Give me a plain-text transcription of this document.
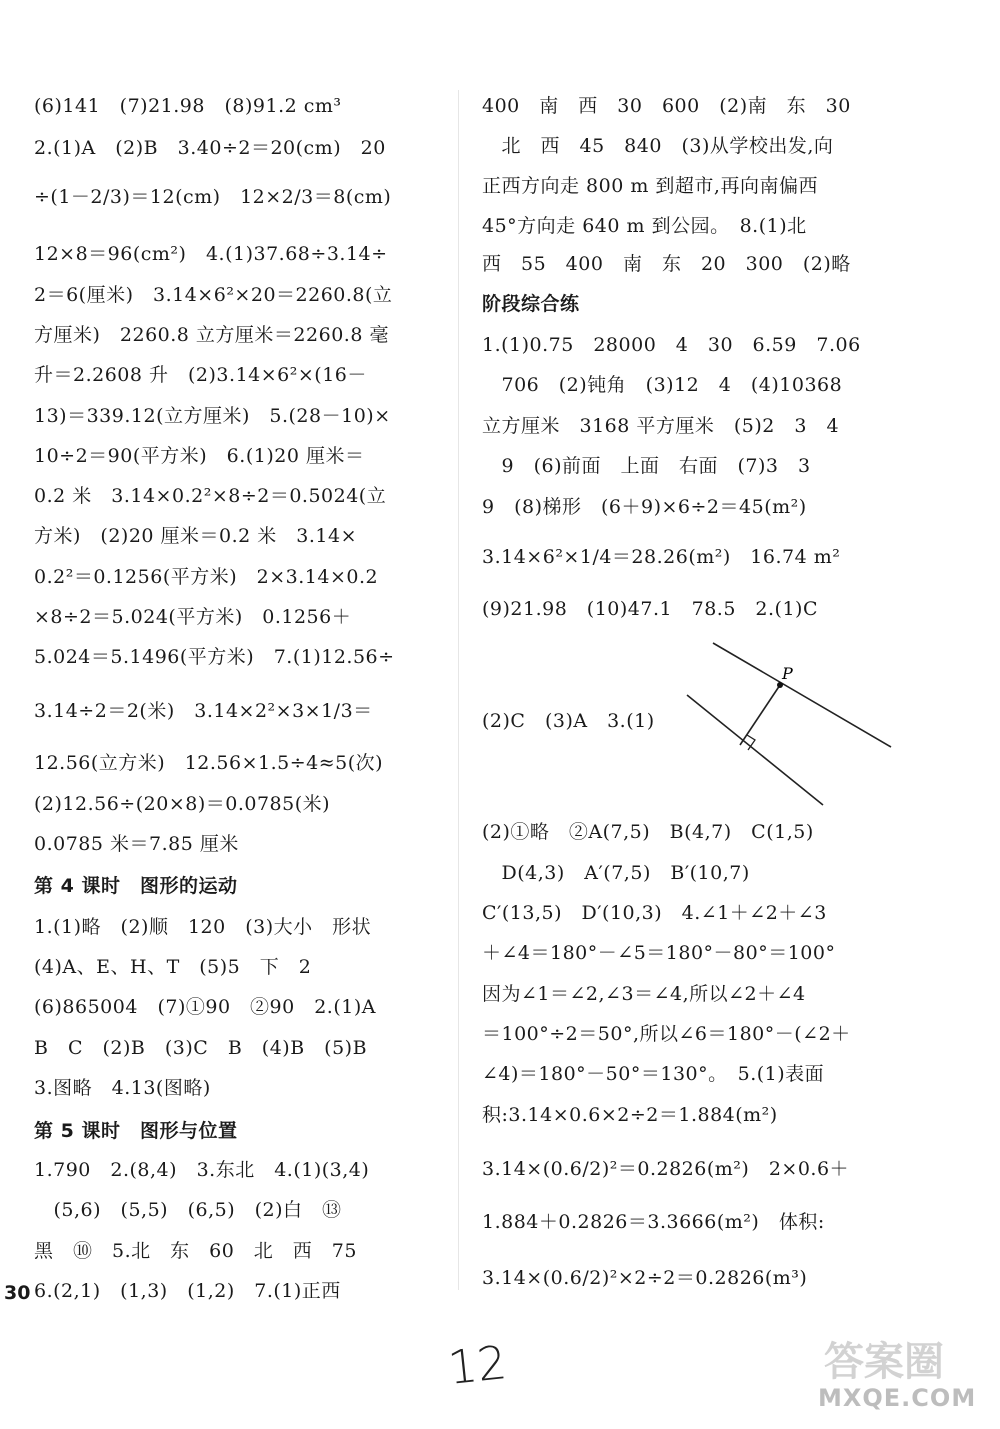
(6)141　(7)21.98　(8)91.2 cm³
2.(1)A　(2)B　3.40÷2＝20(cm)　20
÷(1－2/3)＝12(cm)　12×2/3＝8(cm)
12×8＝96(cm²)　4.(1)37.68÷3.14÷
2＝6(厘米)　3.14×6²×20＝2260.8(立
方厘米)　2260.8 立方厘米＝2260.8 毫
升＝2.2608 升　(2)3.14×6²×(16－
13)＝339.12(立方厘米)　5.(28－10)×
10÷2＝90(平方米)　6.(1)20 厘米＝
0.2 米　3.14×0.2²×8÷2＝0.5024(立
方米)　(2)20 厘米＝0.2 米　3.14×
0.2²＝0.1256(平方米)　2×3.14×0.2
×8÷2＝5.024(平方米)　0.1256＋
5.024＝5.1496(平方米)　7.(1)12.56÷
3.14÷2＝2(米)　3.14×2²×3×1/3＝
12.56(立方米)　12.56×1.5÷4≈5(次)
(2)12.56÷(20×8)＝0.0785(米)
0.0785 米＝7.85 厘米
第 4 课时　图形的运动
1.(1)略　(2)顺　120　(3)大小　形状
(4)A、E、H、T　(5)5　下　2
(6)865004　(7)①90　②90　2.(1)A
B　C　(2)B　(3)C　B　(4)B　(5)B
3.图略　4.13(图略)
第 5 课时　图形与位置
1.790　2.(8,4)　3.东北　4.(1)(3,4)
　(5,6)　(5,5)　(6,5)　(2)白　⑬
黑　⑩　5.北　东　60　北　西　75
6.(2,1)　(1,3)　(1,2)　7.(1)正西
400　南　西　30　600　(2)南　东　30
　北　西　45　840　(3)从学校出发,向
正西方向走 800 m 到超市,再向南偏西
45°方向走 640 m 到公园。　8.(1)北
西　55　400　南　东　20　300　(2)略
阶段综合练
1.(1)0.75　28000　4　30　6.59　7.06
　706　(2)钝角　(3)12　4　(4)10368
立方厘米　3168 平方厘米　(5)2　3　4
　9　(6)前面　上面　右面　(7)3　3
9　(8)梯形　(6＋9)×6÷2＝45(m²)
3.14×6²×1/4＝28.26(m²)　16.74 m²
(9)21.98　(10)47.1　78.5　2.(1)C
(2)C　(3)A　3.(1)
(2)①略　②A(7,5)　B(4,7)　C(1,5)
　D(4,3)　A′(7,5)　B′(10,7)
C′(13,5)　D′(10,3)　4.∠1＋∠2＋∠3
＋∠4＝180°－∠5＝180°－80°＝100°
因为∠1＝∠2,∠3＝∠4,所以∠2＋∠4
＝100°÷2＝50°,所以∠6＝180°－(∠2＋
∠4)＝180°－50°＝130°。　5.(1)表面
积:3.14×0.6×2÷2＝1.884(m²)
3.14×(0.6/2)²＝0.2826(m²)　2×0.6＋
1.884＋0.2826＝3.3666(m²)　体积:
3.14×(0.6/2)²×2÷2＝0.2826(m³)
P
30
12	答案圈
MXQE.COM
